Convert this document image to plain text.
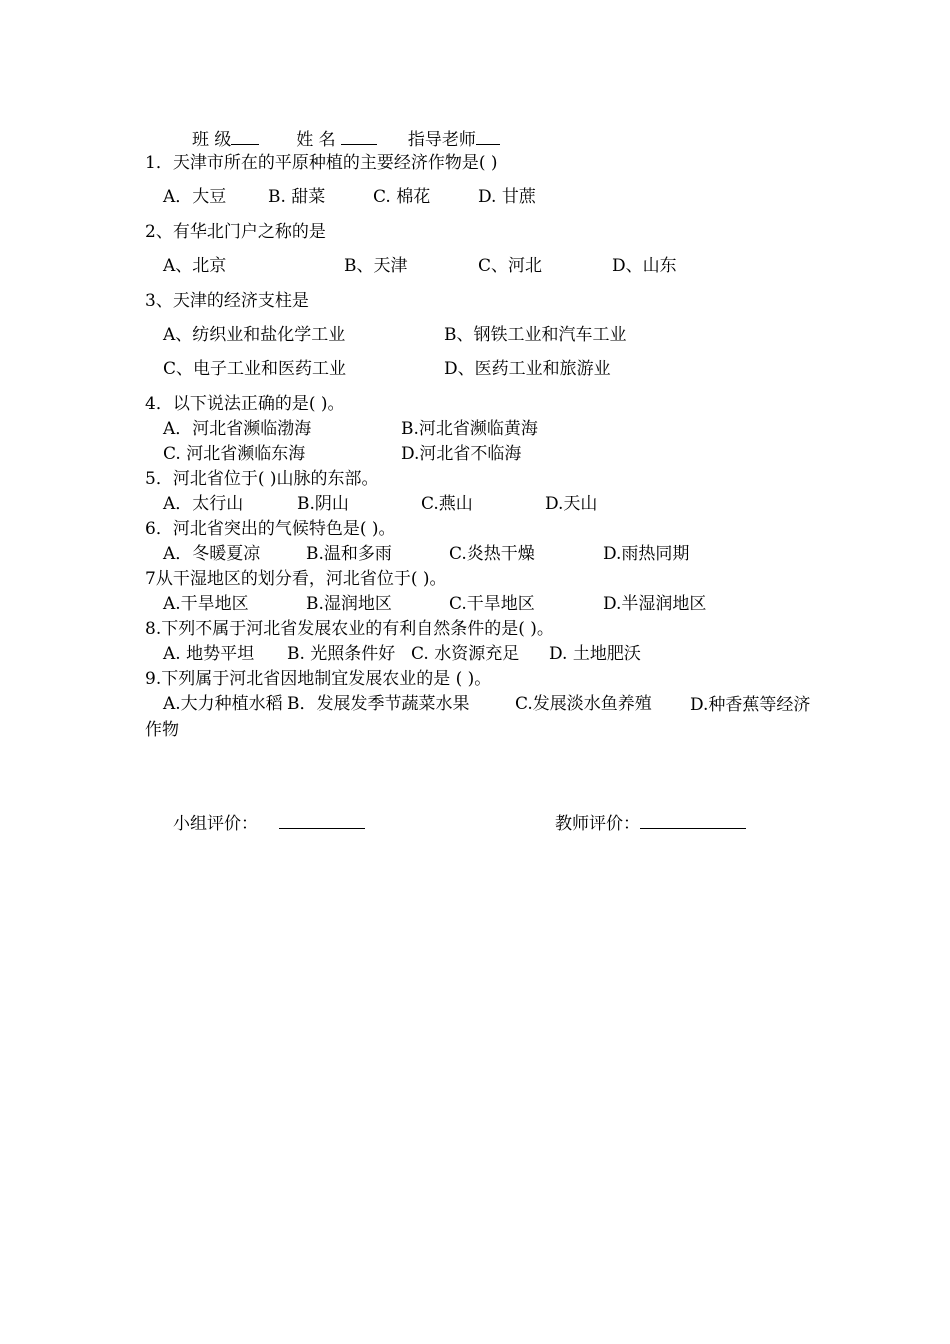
班 级	姓 名	指导老师
1．天津市所在的平原种植的主要经济作物是( )
A．大豆 B. 甜菜	C. 棉花	D. 甘蔗
2、有华北门户之称的是
A、北京	B、天津	C、河北	D、山东
3、天津的经济支柱是
A、纺织业和盐化学工业	B、钢铁工业和汽车工业
C、电子工业和医药工业	D、医药工业和旅游业
4．以下说法正确的是( )。
A．河北省濒临渤海	B.河北省濒临黄海
C. 河北省濒临东海	D.河北省不临海
5．河北省位于( )山脉的东部。
A．太行山	B.阴山	C.燕山	D.天山
6．河北省突出的气候特色是( )。
A．冬暖夏凉	B.温和多雨	C.炎热干燥	D.雨热同期
7从干湿地区的划分看，河北省位于( )。
A.干旱地区	B.湿润地区	C.干旱地区	D.半湿润地区
8.下列不属于河北省发展农业的有利自然条件的是( )。
A. 地势平坦 B. 光照条件好 C. 水资源充足 D. 土地肥沃
9.下列属于河北省因地制宜发展农业的是 ( )。
A.大力种植水稻 B．发展发季节蔬菜水果	C.发展淡水鱼养殖	D.种香蕉等经济作物
小组评价：	教师评价：
